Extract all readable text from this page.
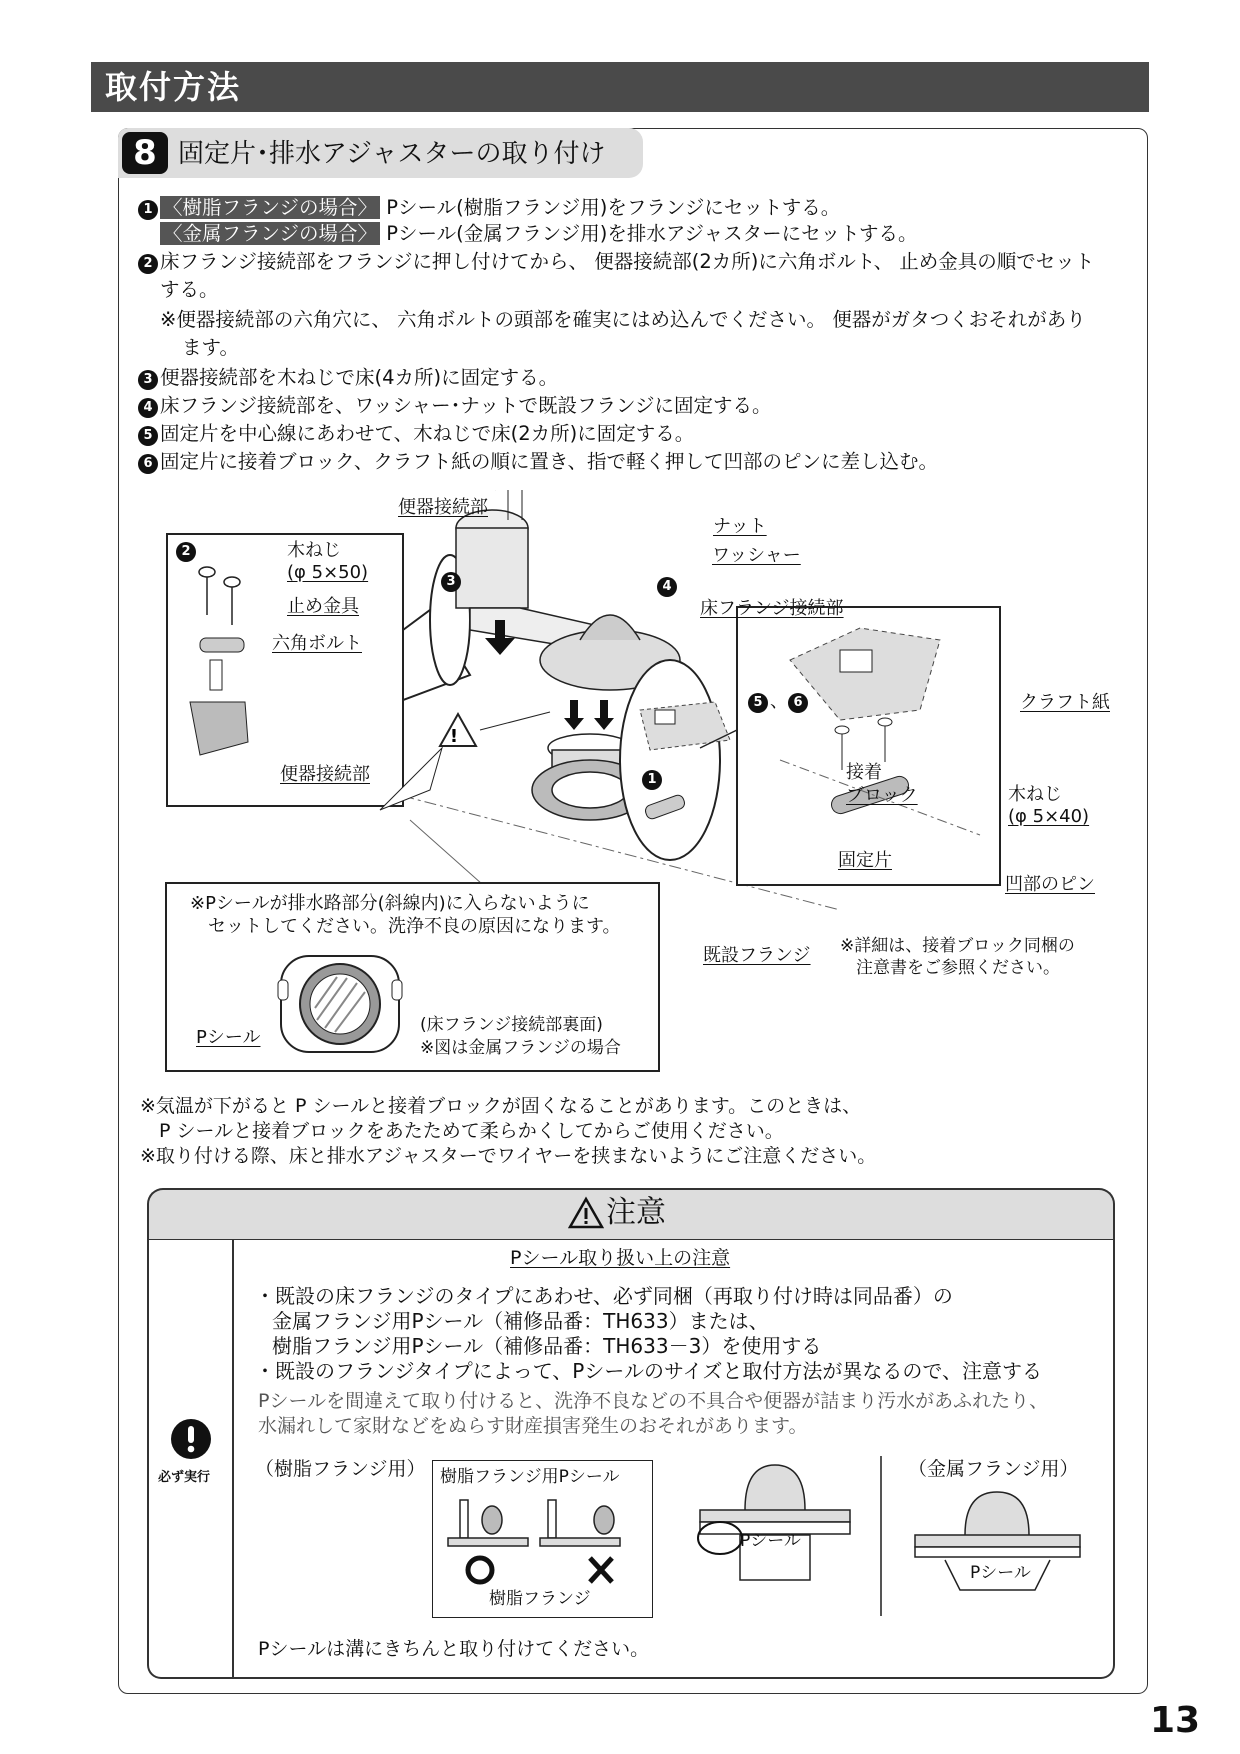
取付方法
8 固定片･排水アジャスターの取り付け
1 〈樹脂フランジの場合〉 Pシール(樹脂フランジ用)をフランジにセットする。
〈金属フランジの場合〉 Pシール(金属フランジ用)を排水アジャスターにセットする。
2 床フランジ接続部をフランジに押し付けてから、 便器接続部(2カ所)に六角ボルト、 止め金具の順でセット
する。
※便器接続部の六角穴に、 六角ボルトの頭部を確実にはめ込んでください。 便器がガタつくおそれがあり
ます。
3 便器接続部を木ねじで床(4カ所)に固定する。
4 床フランジ接続部を、ワッシャー･ナットで既設フランジに固定する。
5 固定片を中心線にあわせて、木ねじで床(2カ所)に固定する。
6 固定片に接着ブロック、クラフト紙の順に置き、指で軽く押して凹部のピンに差し込む。
!
便器接続部
ナット
ワッシャー
床フランジ接続部
3	4
1
既設フランジ
2	木ねじ
(φ 5×50)
止め金具
六角ボルト
便器接続部
5 、 6	クラフト紙
接着
ブロック	木ねじ
(φ 5×40)
固定片
凹部のピン
※詳細は、接着ブロック同梱の
注意書をご参照ください。
※Pシールが排水路部分(斜線内)に入らないように
セットしてください。洗浄不良の原因になります。
Pシール
(床フランジ接続部裏面)
※図は金属フランジの場合
※気温が下がると P シールと接着ブロックが固くなることがあります。このときは、
　P シールと接着ブロックをあたためて柔らかくしてからご使用ください。
※取り付ける際、床と排水アジャスターでワイヤーを挟まないようにご注意ください。
注意
必ず実行
Pシール取り扱い上の注意
・既設の床フランジのタイプにあわせ、必ず同梱（再取り付け時は同品番）の
金属フランジ用Pシール（補修品番：TH633）または、
樹脂フランジ用Pシール（補修品番：TH633－3）を使用する
・既設のフランジタイプによって、Pシールのサイズと取付方法が異なるので、注意する
Pシールを間違えて取り付けると、洗浄不良などの不具合や便器が詰まり汚水があふれたり、
水漏れして家財などをぬらす財産損害発生のおそれがあります。
（樹脂フランジ用）	（金属フランジ用）
樹脂フランジ用Pシール
樹脂フランジ
Pシール
Pシール
Pシールは溝にきちんと取り付けてください。
13
